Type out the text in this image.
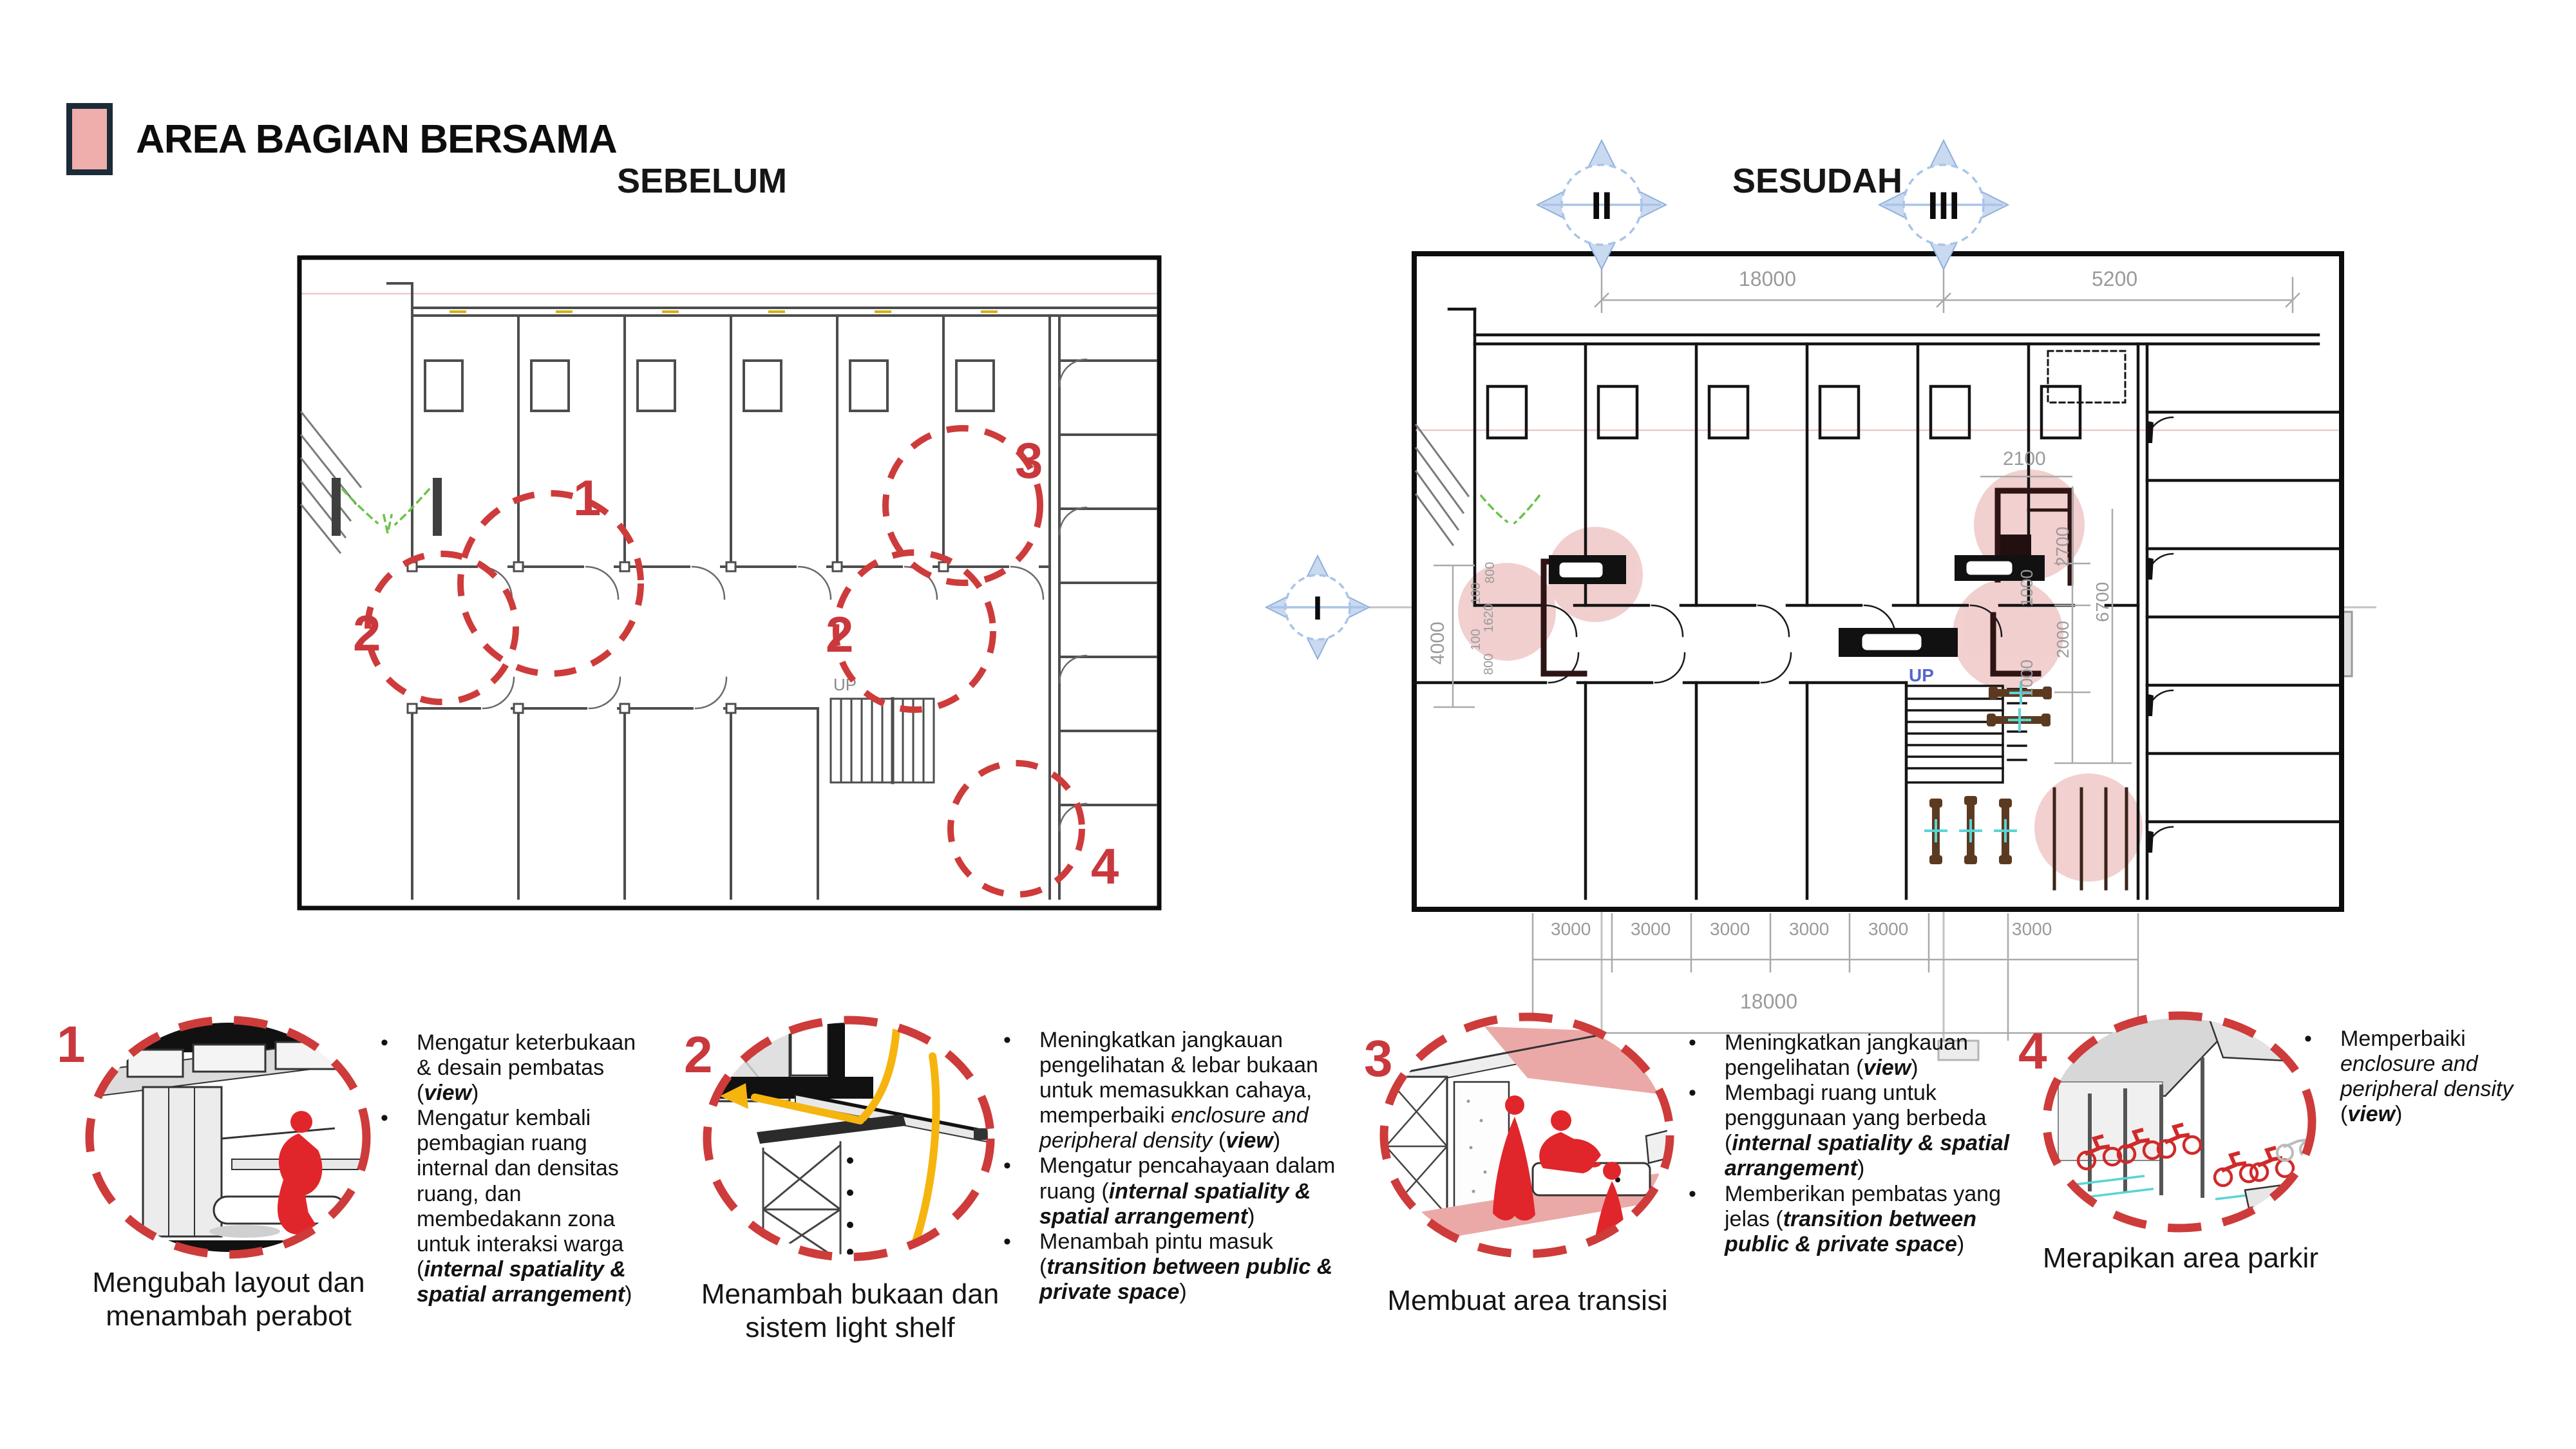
UP
1
2	2
3
4
UP
18000	5200
3000 3000 3000 3000 3000	3000
18000
4000
800
100
1620
100
800
2100
2700
1000	6700
2000
1000
II	III
I
AREA BAGIAN BERSAMA
SEBELUM	SESUDAH
1	2	3	4
Mengubah layout dan menambah perabot
Menambah bukaan dan sistem light shelf
Membuat area transisi
Merapikan area parkir
• Mengatur keterbukaan & desain pembatas (view)
• Mengatur kembali pembagian ruang internal dan densitas ruang, dan membedakann zona untuk interaksi warga (internal spatiality & spatial arrangement)
• Meningkatkan jangkauan pengelihatan & lebar bukaan untuk memasukkan cahaya, memperbaiki enclosure and peripheral density (view)
• Mengatur pencahayaan dalam ruang (internal spatiality & spatial arrangement)
• Menambah pintu masuk (transition between public & private space)
• Meningkatkan jangkauan pengelihatan (view)
• Membagi ruang untuk penggunaan yang berbeda (internal spatiality & spatial arrangement)
• Memberikan pembatas yang jelas (transition between public & private space)
• Memperbaiki enclosure and peripheral density (view)
